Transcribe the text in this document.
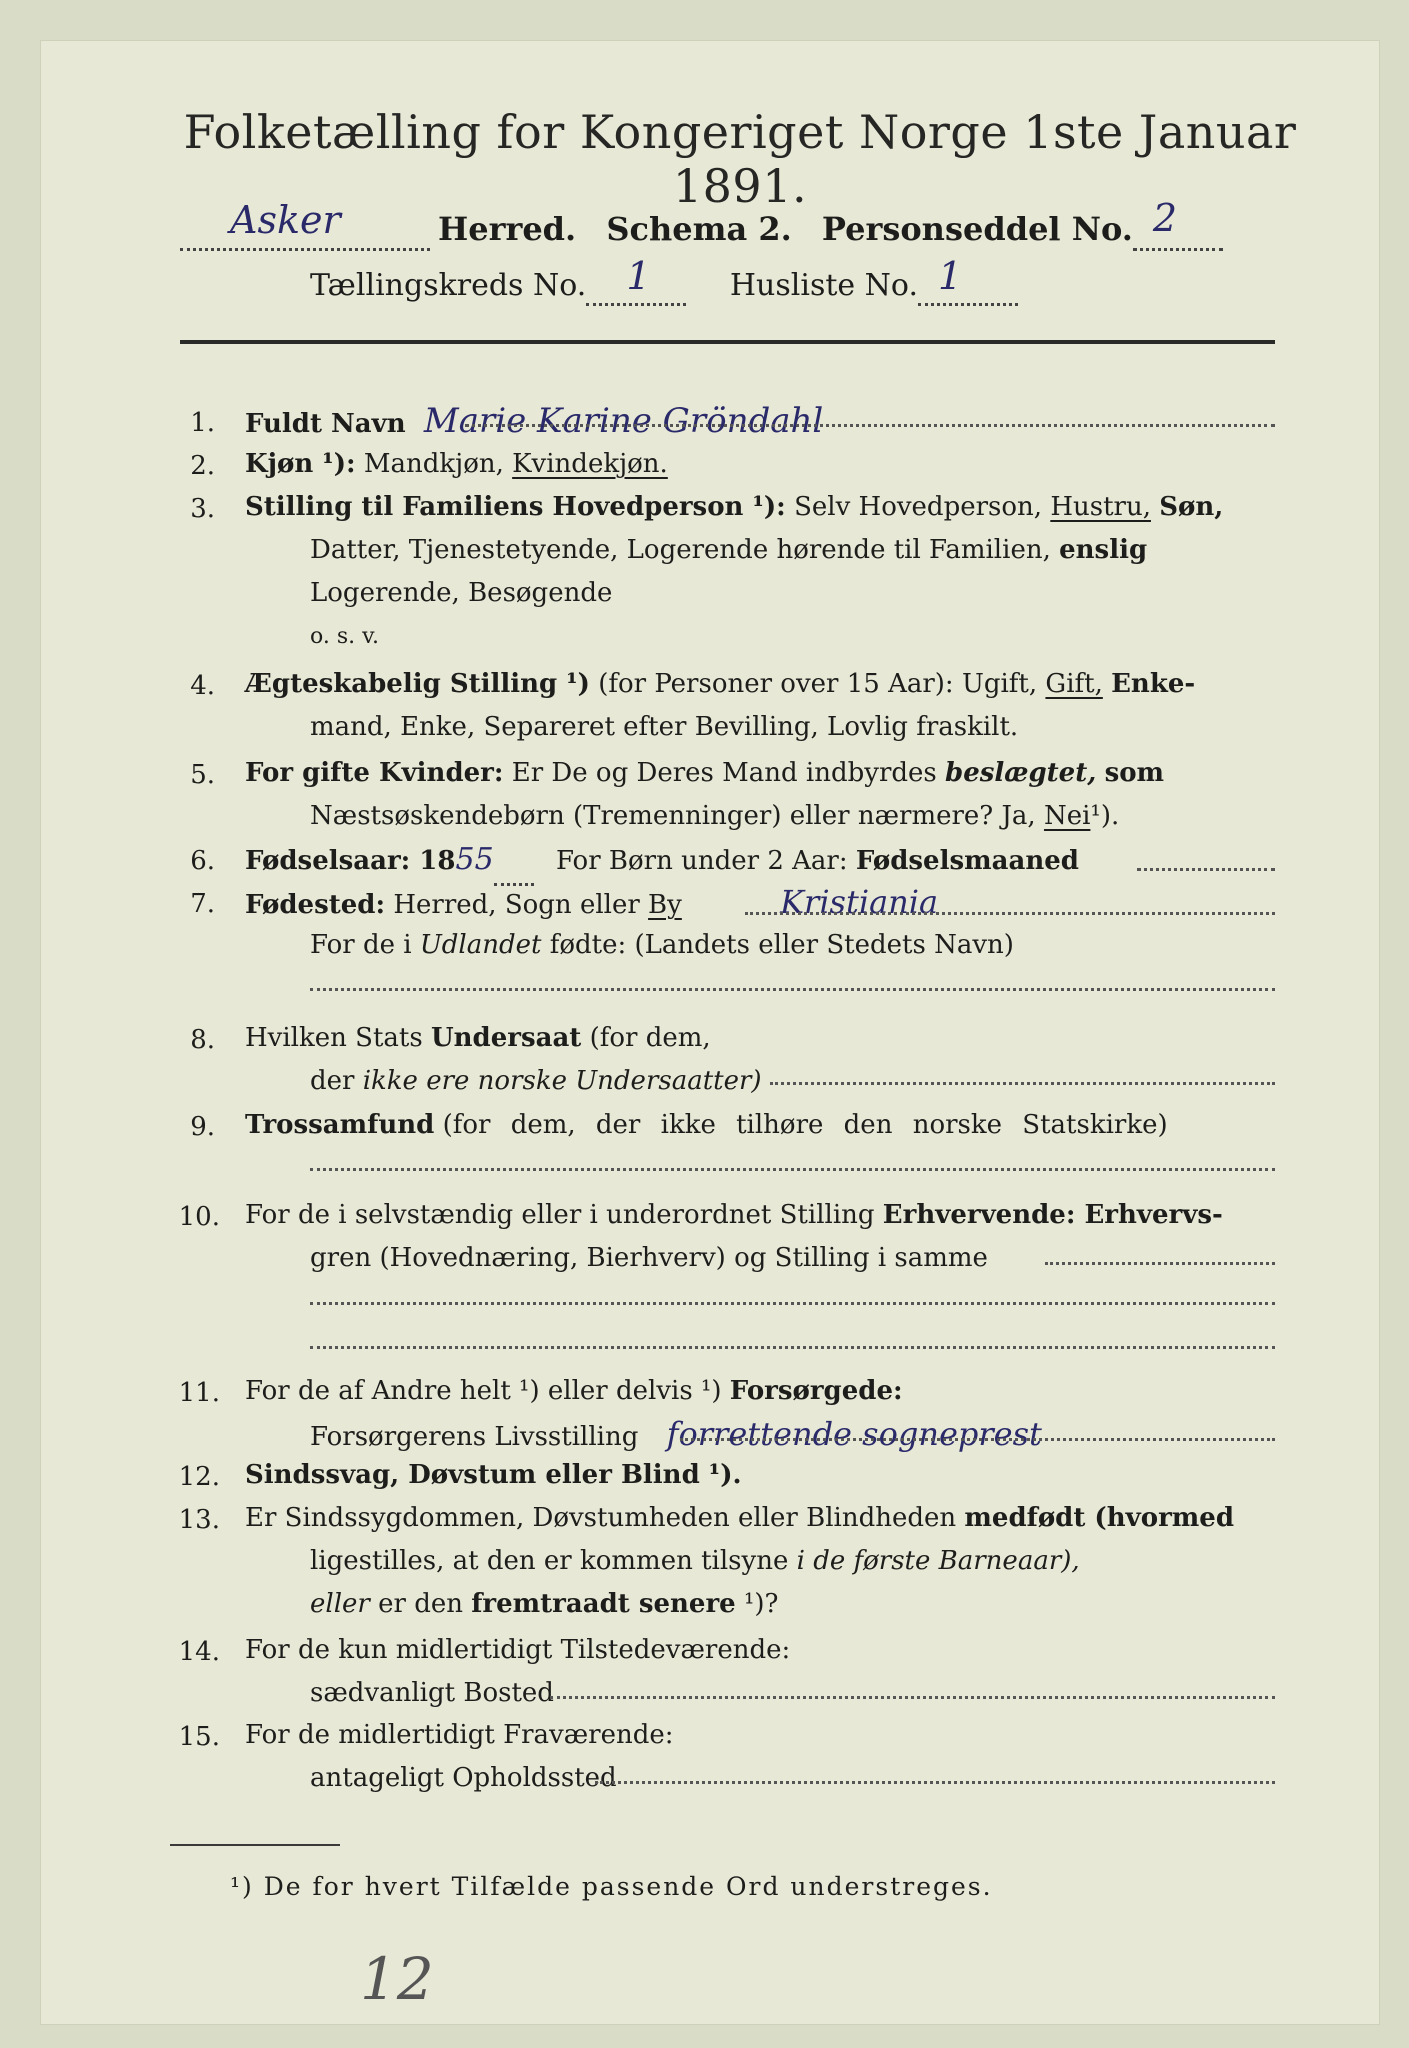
Folketælling for Kongeriget Norge 1ste Januar 1891.
Asker	Herred. Schema 2. Personseddel No. 2

Tællingskreds No. 1	Husliste No. 1

1. Fuldt Navn Marie Karine Gröndahl
2. Kjøn ¹): Mandkjøn, Kvindekjøn.
3. Stilling til Familiens Hovedperson ¹): Selv Hovedperson, Hustru, Søn,
Datter, Tjenestetyende, Logerende hørende til Familien, enslig
Logerende, Besøgende
o. s. v.
4. Ægteskabelig Stilling ¹) (for Personer over 15 Aar): Ugift, Gift, Enke-
mand, Enke, Separeret efter Bevilling, Lovlig fraskilt.
5. For gifte Kvinder: Er De og Deres Mand indbyrdes beslægtet, som
Næstsøskendebørn (Tremenninger) eller nærmere? Ja, Nei¹).
6. Fødselsaar: 1855 For Børn under 2 Aar: Fødselsmaaned
7. Fødested: Herred, Sogn eller By	Kristiania
For de i Udlandet fødte: (Landets eller Stedets Navn)
8. Hvilken Stats Undersaat (for dem,
der ikke ere norske Undersaatter)
9. Trossamfund (for dem, der ikke tilhøre den norske Statskirke)
10. For de i selvstændig eller i underordnet Stilling Erhvervende: Erhvervs-
gren (Hovednæring, Bierhverv) og Stilling i samme
11. For de af Andre helt ¹) eller delvis ¹) Forsørgede:
Forsørgerens Livsstilling forrettende sogneprest
12. Sindssvag, Døvstum eller Blind ¹).
13. Er Sindssygdommen, Døvstumheden eller Blindheden medfødt (hvormed
ligestilles, at den er kommen tilsyne i de første Barneaar),
eller er den fremtraadt senere ¹)?
14. For de kun midlertidigt Tilstedeværende:
sædvanligt Bosted
15. For de midlertidigt Fraværende:
antageligt Opholdssted
¹) De for hvert Tilfælde passende Ord understreges.
12
